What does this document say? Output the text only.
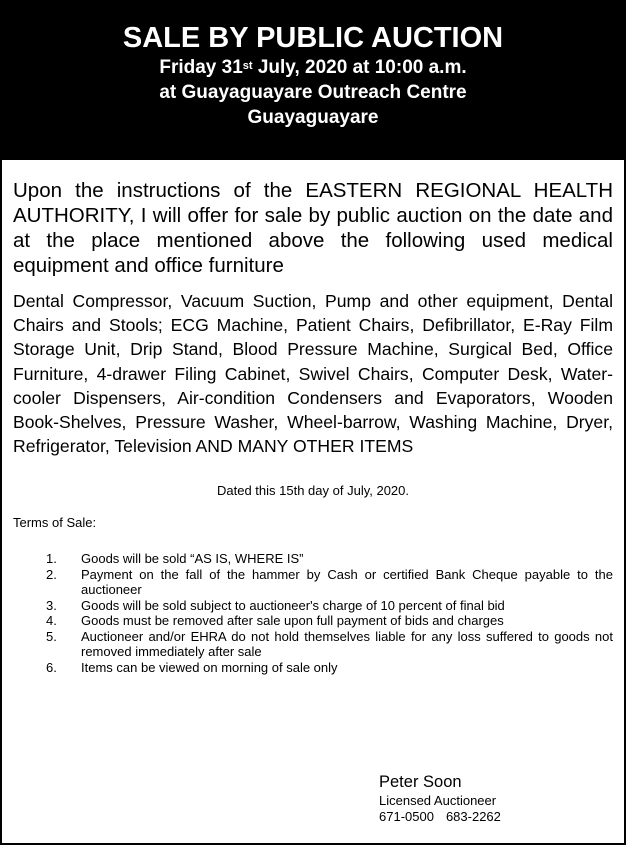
SALE BY PUBLIC AUCTION
Friday 31st July, 2020 at 10:00 a.m.
at Guayaguayare Outreach Centre
Guayaguayare
Upon the instructions of the EASTERN REGIONAL HEALTH AUTHORITY, I will offer for sale by public auction on the date and at the place mentioned above the following used medical equipment and office furniture
Dental Compressor, Vacuum Suction, Pump and other equipment, Dental Chairs and Stools; ECG Machine, Patient Chairs, Defibrillator, E-Ray Film Storage Unit, Drip Stand, Blood Pressure Machine, Surgical Bed, Office Furniture, 4-drawer Filing Cabinet, Swivel Chairs, Computer Desk, Water-cooler Dispensers, Air-condition Condensers and Evaporators, Wooden Book-Shelves, Pressure Washer, Wheel-barrow, Washing Machine, Dryer, Refrigerator, Television AND MANY OTHER ITEMS
Dated this 15th day of July, 2020.
Terms of Sale:
1.	Goods will be sold “AS IS, WHERE IS”
2.	Payment on the fall of the hammer by Cash or certified Bank Cheque payable to the auctioneer
3.	Goods will be sold subject to auctioneer's charge of 10 percent of final bid
4.	Goods must be removed after sale upon full payment of bids and charges
5.	Auctioneer and/or EHRA do not hold themselves liable for any loss suffered to goods not removed immediately after sale
6.	Items can be viewed on morning of sale only
Peter Soon
Licensed Auctioneer
671-0500 683-2262
